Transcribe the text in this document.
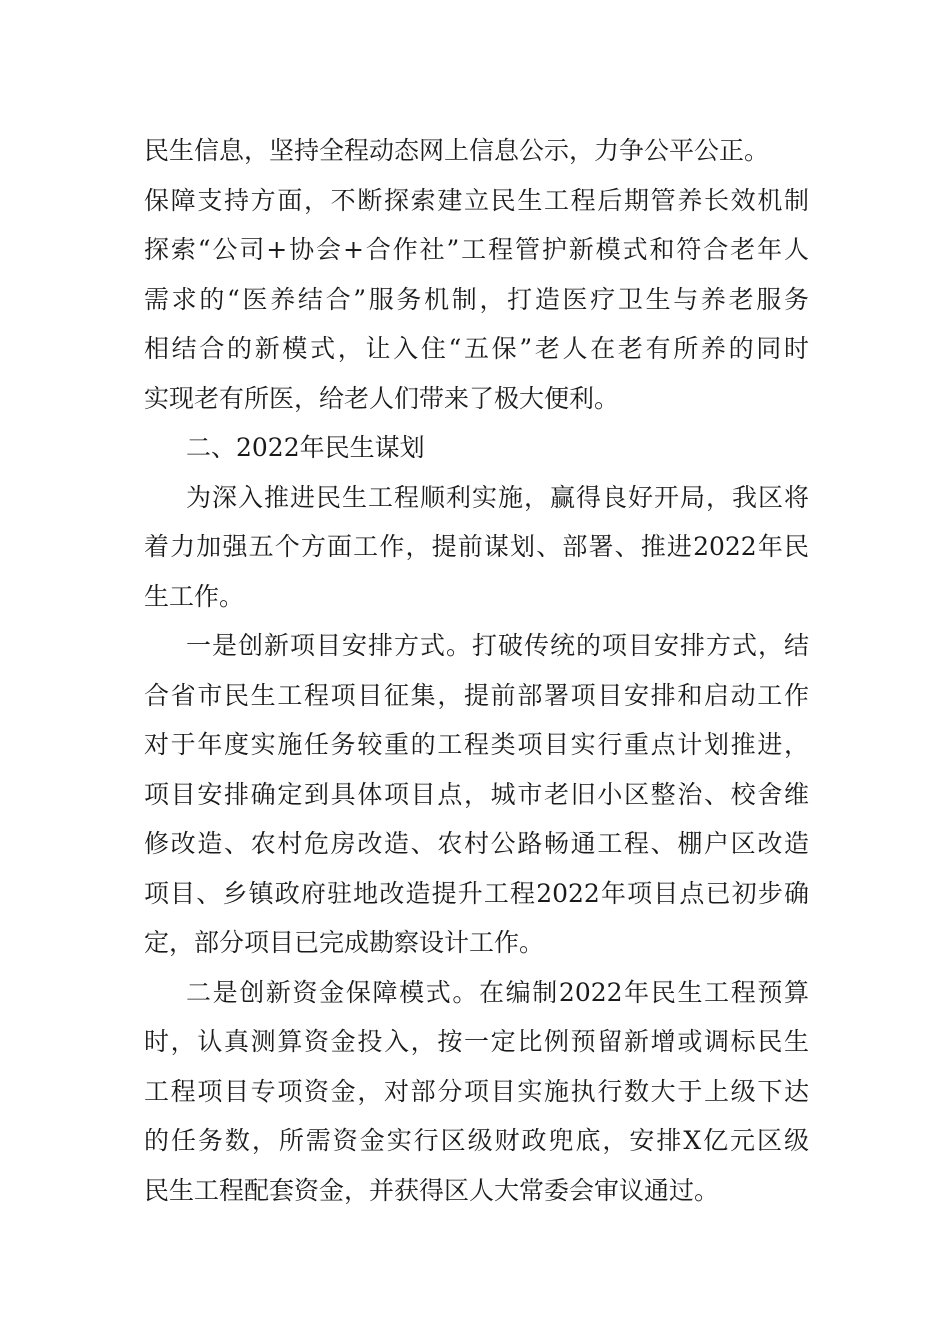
民生信息，坚持全程动态网上信息公示，力争公平公正。
保障支持方面，不断探索建立民生工程后期管养长效机制
探索“公司+协会+合作社”工程管护新模式和符合老年人
需求的“医养结合”服务机制，打造医疗卫生与养老服务
相结合的新模式，让入住“五保”老人在老有所养的同时
实现老有所医，给老人们带来了极大便利。
二、2022年民生谋划
为深入推进民生工程顺利实施，赢得良好开局，我区将
着力加强五个方面工作，提前谋划、部署、推进2022年民
生工作。
一是创新项目安排方式。打破传统的项目安排方式，结
合省市民生工程项目征集，提前部署项目安排和启动工作
对于年度实施任务较重的工程类项目实行重点计划推进，
项目安排确定到具体项目点，城市老旧小区整治、校舍维
修改造、农村危房改造、农村公路畅通工程、棚户区改造
项目、乡镇政府驻地改造提升工程2022年项目点已初步确
定，部分项目已完成勘察设计工作。
二是创新资金保障模式。在编制2022年民生工程预算
时，认真测算资金投入，按一定比例预留新增或调标民生
工程项目专项资金，对部分项目实施执行数大于上级下达
的任务数，所需资金实行区级财政兜底，安排X亿元区级
民生工程配套资金，并获得区人大常委会审议通过。
